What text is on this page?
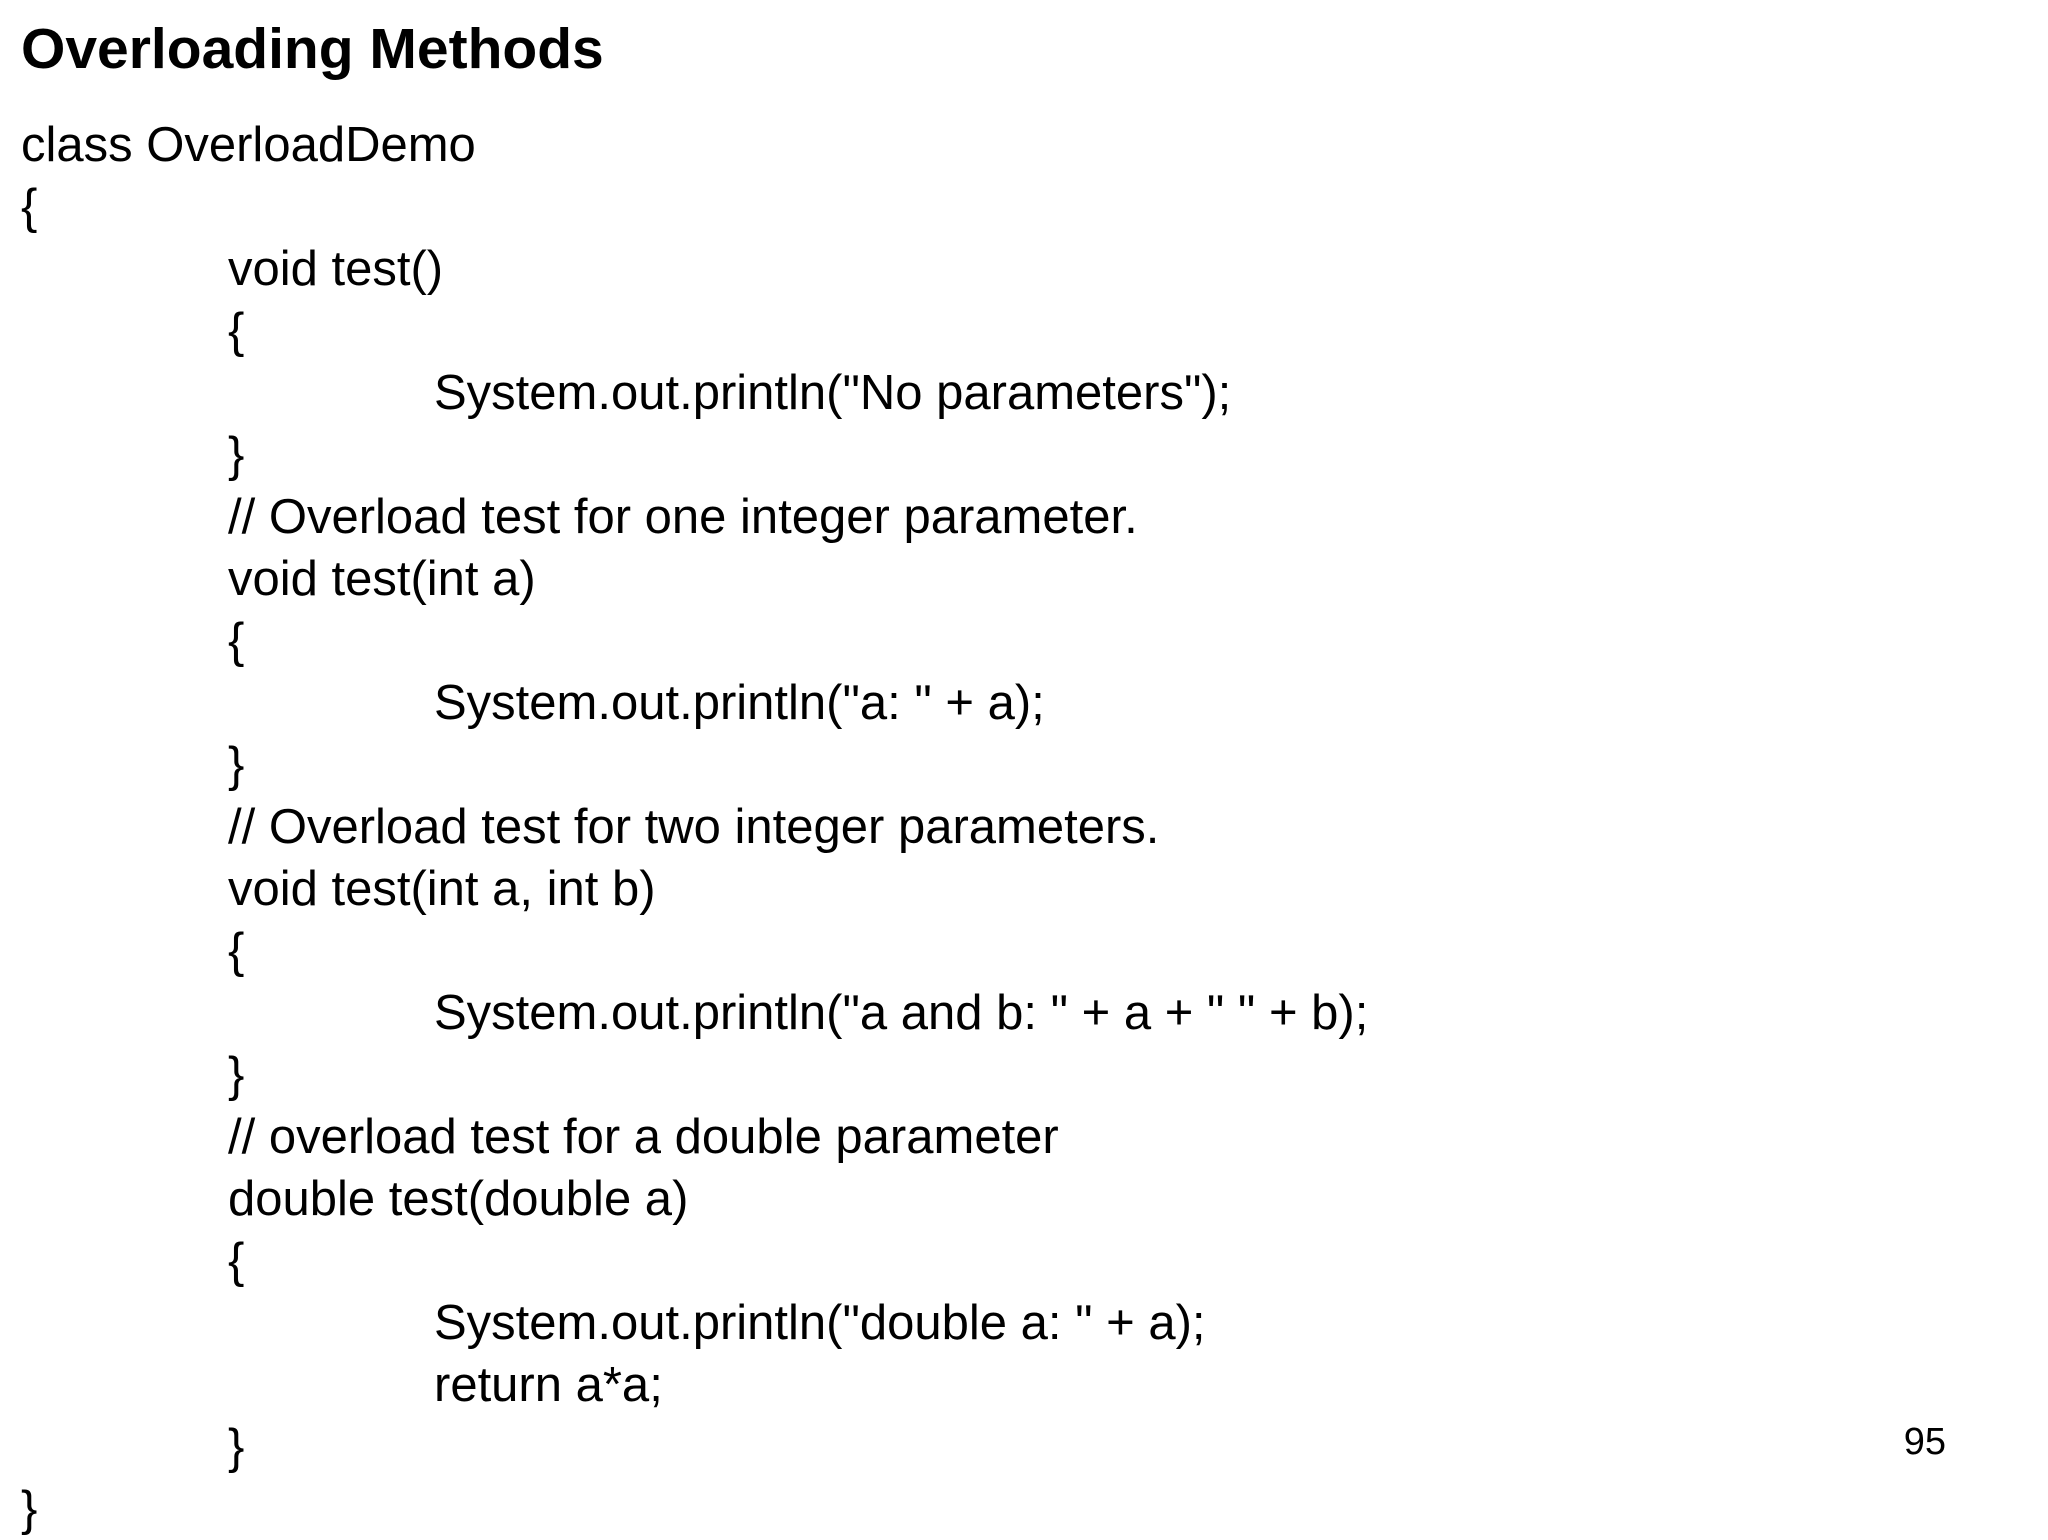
Overloading Methods
class OverloadDemo
{
void test()
{
System.out.println("No parameters");
}
// Overload test for one integer parameter.
void test(int a)
{
System.out.println("a: " + a);
}
// Overload test for two integer parameters.
void test(int a, int b)
{
System.out.println("a and b: " + a + " " + b);
}
// overload test for a double parameter
double test(double a)
{
System.out.println("double a: " + a);
return a*a;
}
}
95
